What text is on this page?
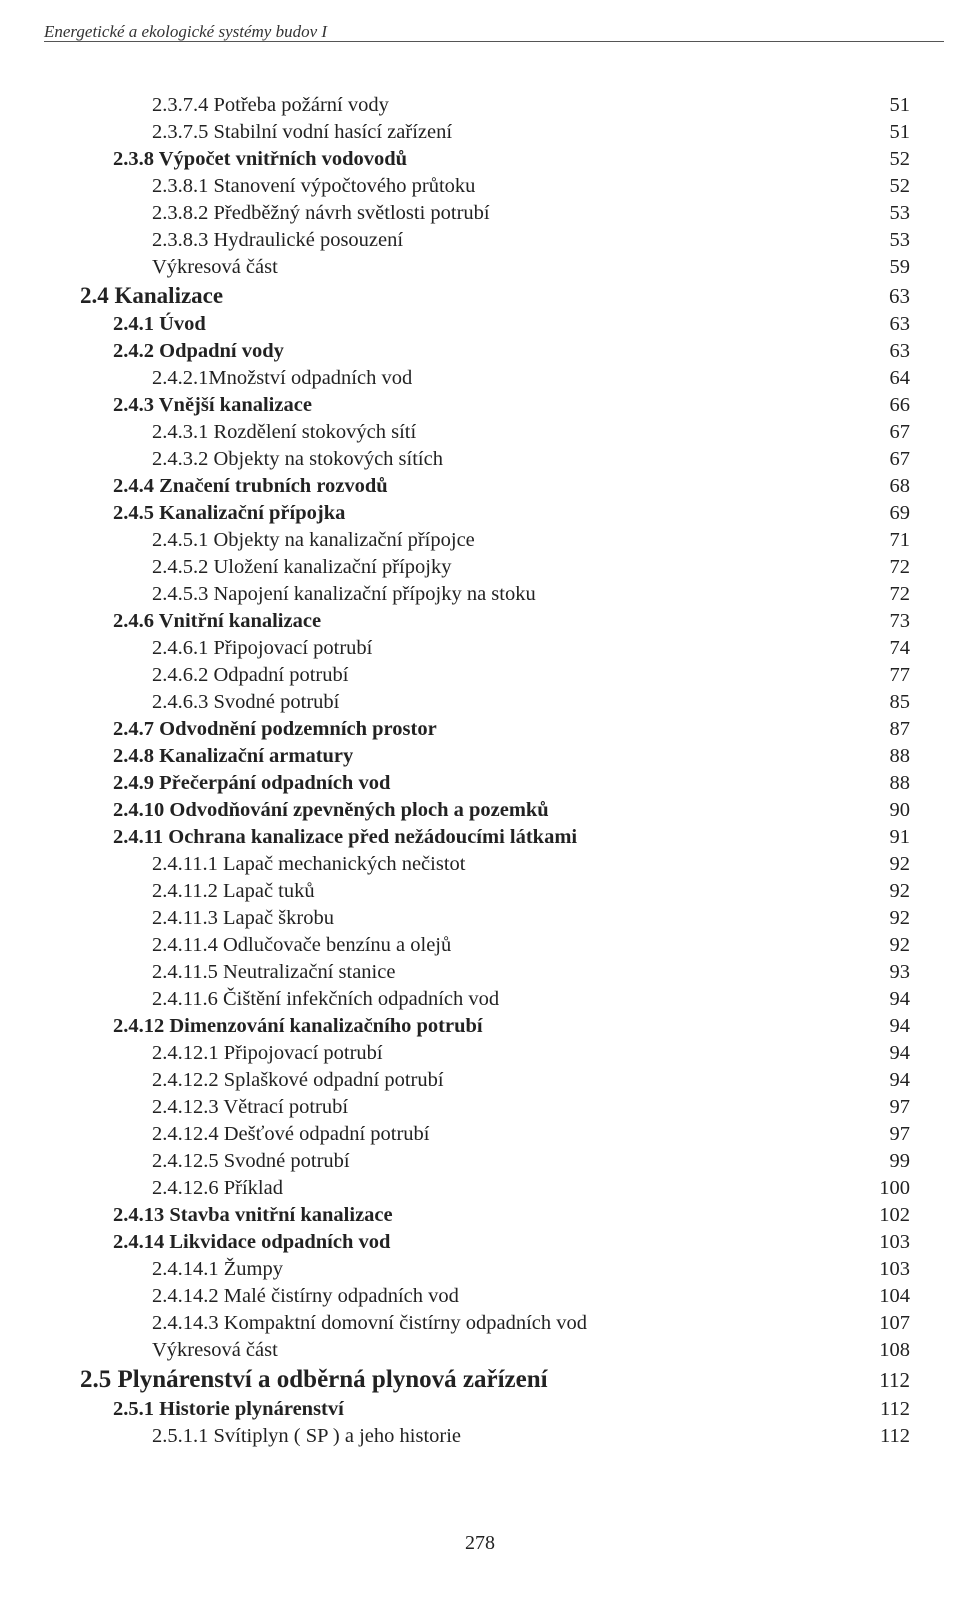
Energetické a ekologické systémy budov I
2.3.7.4 Potřeba požární vody	51
2.3.7.5 Stabilní vodní hasící zařízení	51
2.3.8 Výpočet vnitřních vodovodů	52
2.3.8.1 Stanovení výpočtového průtoku	52
2.3.8.2 Předběžný návrh světlosti potrubí	53
2.3.8.3 Hydraulické posouzení	53
Výkresová část	59
2.4 Kanalizace	63
2.4.1 Úvod	63
2.4.2 Odpadní vody	63
2.4.2.1Množství odpadních vod	64
2.4.3 Vnější kanalizace	66
2.4.3.1 Rozdělení stokových sítí	67
2.4.3.2 Objekty na stokových sítích	67
2.4.4 Značení trubních rozvodů	68
2.4.5 Kanalizační přípojka	69
2.4.5.1 Objekty na kanalizační přípojce	71
2.4.5.2 Uložení kanalizační přípojky	72
2.4.5.3 Napojení kanalizační přípojky na stoku	72
2.4.6 Vnitřní kanalizace	73
2.4.6.1 Připojovací potrubí	74
2.4.6.2 Odpadní potrubí	77
2.4.6.3 Svodné potrubí	85
2.4.7 Odvodnění podzemních prostor	87
2.4.8 Kanalizační armatury	88
2.4.9 Přečerpání odpadních vod	88
2.4.10 Odvodňování zpevněných ploch a pozemků	90
2.4.11 Ochrana kanalizace před nežádoucími látkami	91
2.4.11.1 Lapač mechanických nečistot	92
2.4.11.2 Lapač tuků	92
2.4.11.3 Lapač škrobu	92
2.4.11.4 Odlučovače benzínu a olejů	92
2.4.11.5 Neutralizační stanice	93
2.4.11.6 Čištění infekčních odpadních vod	94
2.4.12 Dimenzování kanalizačního potrubí	94
2.4.12.1 Připojovací potrubí	94
2.4.12.2 Splaškové odpadní potrubí	94
2.4.12.3 Větrací potrubí	97
2.4.12.4 Dešťové odpadní potrubí	97
2.4.12.5 Svodné potrubí	99
2.4.12.6 Příklad	100
2.4.13 Stavba vnitřní kanalizace	102
2.4.14 Likvidace odpadních vod	103
2.4.14.1 Žumpy	103
2.4.14.2 Malé čistírny odpadních vod	104
2.4.14.3 Kompaktní domovní čistírny odpadních vod	107
Výkresová část	108
2.5 Plynárenství a odběrná plynová zařízení	112
2.5.1 Historie plynárenství	112
2.5.1.1 Svítiplyn ( SP ) a jeho historie	112
278
